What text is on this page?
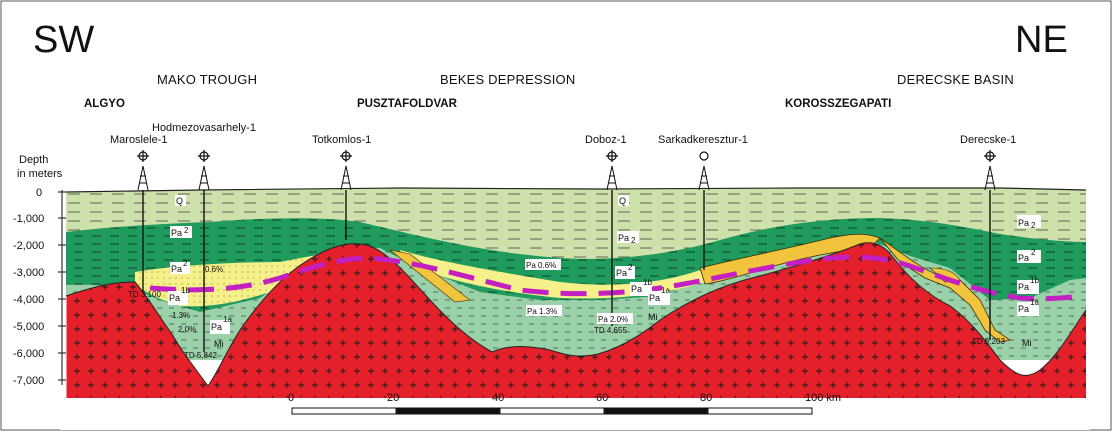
SW	NE
MAKO TROUGH	BEKES DEPRESSION	DERECSKE BASIN
ALGYO	PUSZTAFOLDVAR	KOROSSZEGAPATI
Maroslele-1
Hodmezovasarhely-1
Totkomlos-1	Doboz-1	Sarkadkeresztur-1	Derecske-1
Depth
in meters
0
-1,000
-2,000
-3,000
-4,000
-5,000
-6,000
-7,000
0	20	40	60	80	100 km
Q	Q
Pa 2
Pa 2
Pa 2
Pa
2
Pa
2
0.6%
Pa
1b
1.3%
2.0% Pa
1a
Mi
TD 3,100
TD 5,842
Pa 0.6%
Pa
2
Pa
1b
Pa
1a
Pa 1.3%
Pa 2.0% Mi
TD 4,655
Pa
1b
Pa
1a
Mi
TD 5,203
